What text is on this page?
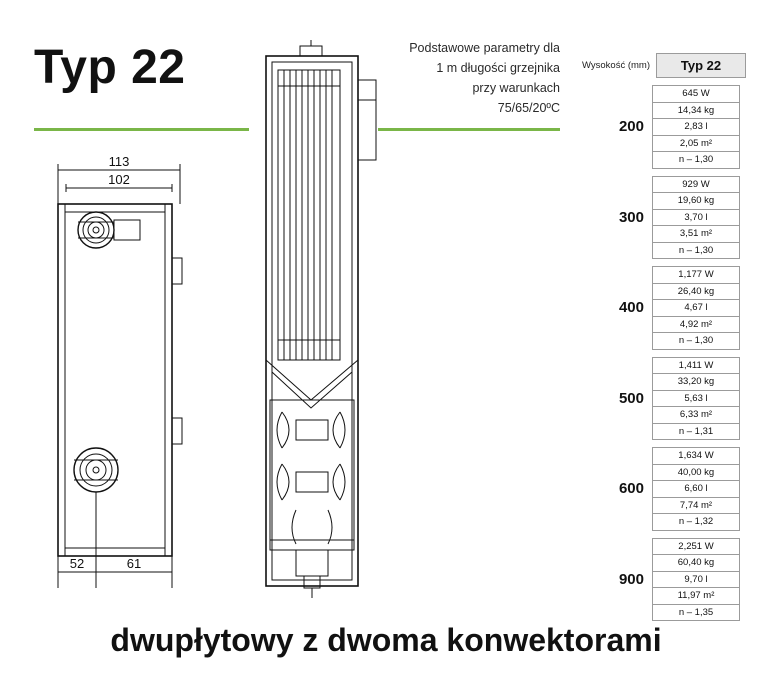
Typ 22	Podstawowe parametry dla
1 m długości grzejnika
przy warunkach
75/65/20ºC
113
102
52	61
Wysokość (mm)	Typ 22
200
645 W
14,34 kg
2,83 l
2,05 m²
n – 1,30
300
929 W
19,60 kg
3,70 l
3,51 m²
n – 1,30
400
1,177 W
26,40 kg
4,67 l
4,92 m²
n – 1,30
500
1,411 W
33,20 kg
5,63 l
6,33 m²
n – 1,31
600
1,634 W
40,00 kg
6,60 l
7,74 m²
n – 1,32
900
2,251 W
60,40 kg
9,70 l
11,97 m²
n – 1,35
dwupłytowy z dwoma konwektorami
